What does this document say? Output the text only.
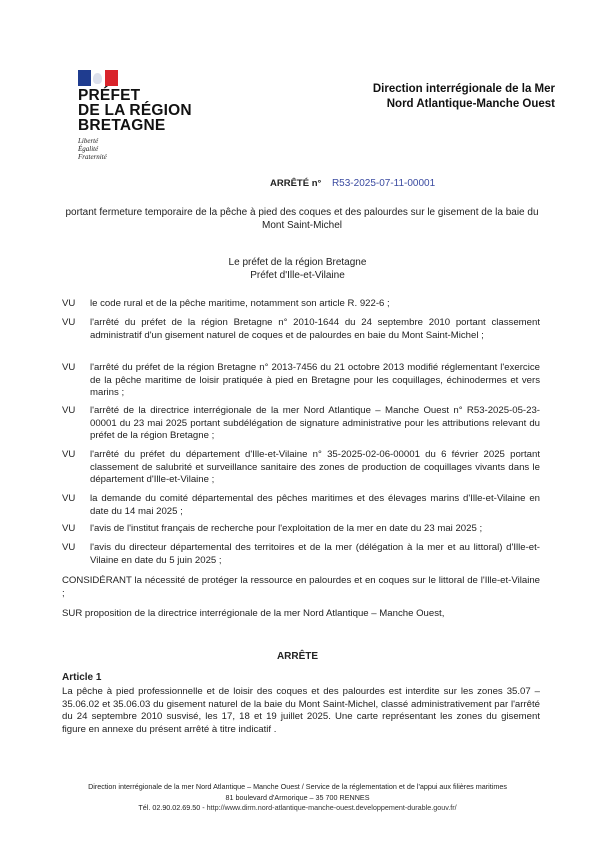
PRÉFET
DE LA RÉGION
BRETAGNE
Liberté
Égalité
Fraternité
Direction interrégionale de la Mer
Nord Atlantique-Manche Ouest
ARRÊTÉ n° R53-2025-07-11-00001
portant fermeture temporaire de la pêche à pied des coques et des palourdes sur le gisement de la baie du Mont Saint-Michel
Le préfet de la région Bretagne
Préfet d'Ille-et-Vilaine
VU le code rural et de la pêche maritime, notamment son article R. 922-6 ;
VU l'arrêté du préfet de la région Bretagne n° 2010-1644 du 24 septembre 2010 portant classement administratif d'un gisement naturel de coques et de palourdes en baie du Mont Saint-Michel ;
VU l'arrêté du préfet de la région Bretagne n° 2013-7456 du 21 octobre 2013 modifié réglementant l'exercice de la pêche maritime de loisir pratiquée à pied en Bretagne pour les coquillages, échinodermes et vers marins ;
VU l'arrêté de la directrice interrégionale de la mer Nord Atlantique – Manche Ouest n° R53-2025-05-23-00001 du 23 mai 2025 portant subdélégation de signature administrative pour les attributions relevant du préfet de la région Bretagne ;
VU l'arrêté du préfet du département d'Ille-et-Vilaine n° 35-2025-02-06-00001 du 6 février 2025 portant classement de salubrité et surveillance sanitaire des zones de production de coquillages vivants dans le département d'Ille-et-Vilaine ;
VU la demande du comité départemental des pêches maritimes et des élevages marins d'Ille-et-Vilaine en date du 14 mai 2025 ;
VU l'avis de l'institut français de recherche pour l'exploitation de la mer en date du 23 mai 2025 ;
VU l'avis du directeur départemental des territoires et de la mer (délégation à la mer et au littoral) d'Ille-et-Vilaine en date du 5 juin 2025 ;
CONSIDÉRANT la nécessité de protéger la ressource en palourdes et en coques sur le littoral de l'Ille-et-Vilaine ;
SUR proposition de la directrice interrégionale de la mer Nord Atlantique – Manche Ouest,
ARRÊTE
Article 1
La pêche à pied professionnelle et de loisir des coques et des palourdes est interdite sur les zones 35.07 – 35.06.02 et 35.06.03 du gisement naturel de la baie du Mont Saint-Michel, classé administrativement par l'arrêté du 24 septembre 2010 susvisé, les 17, 18 et 19 juillet 2025. Une carte représentant les zones du gisement figure en annexe du présent arrêté à titre indicatif .
Direction interrégionale de la mer Nord Atlantique – Manche Ouest / Service de la réglementation et de l'appui aux filières maritimes
81 boulevard d'Armorique – 35 700 RENNES
Tél. 02.90.02.69.50 - http://www.dirm.nord-atlantique-manche-ouest.developpement-durable.gouv.fr/
